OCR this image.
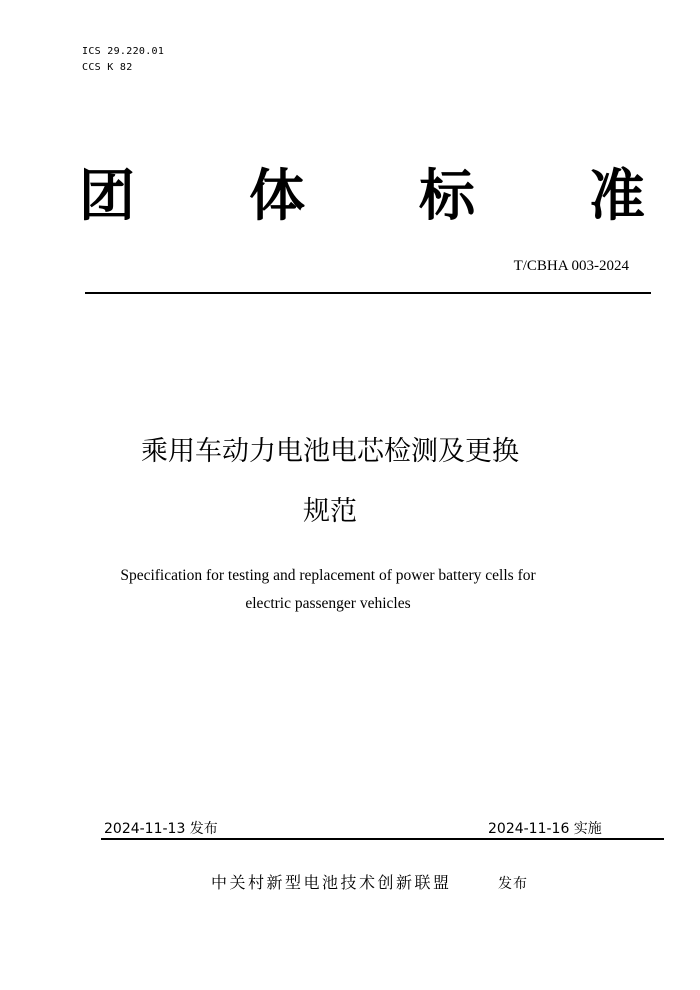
ICS 29.220.01
CCS K 82
团 体 标 准
T/CBHA 003-2024
乘用车动力电池电芯检测及更换
规范
Specification for testing and replacement of power battery cells for
electric passenger vehicles
2024-11-13 发布	2024-11-16 实施
中关村新型电池技术创新联盟	发布
